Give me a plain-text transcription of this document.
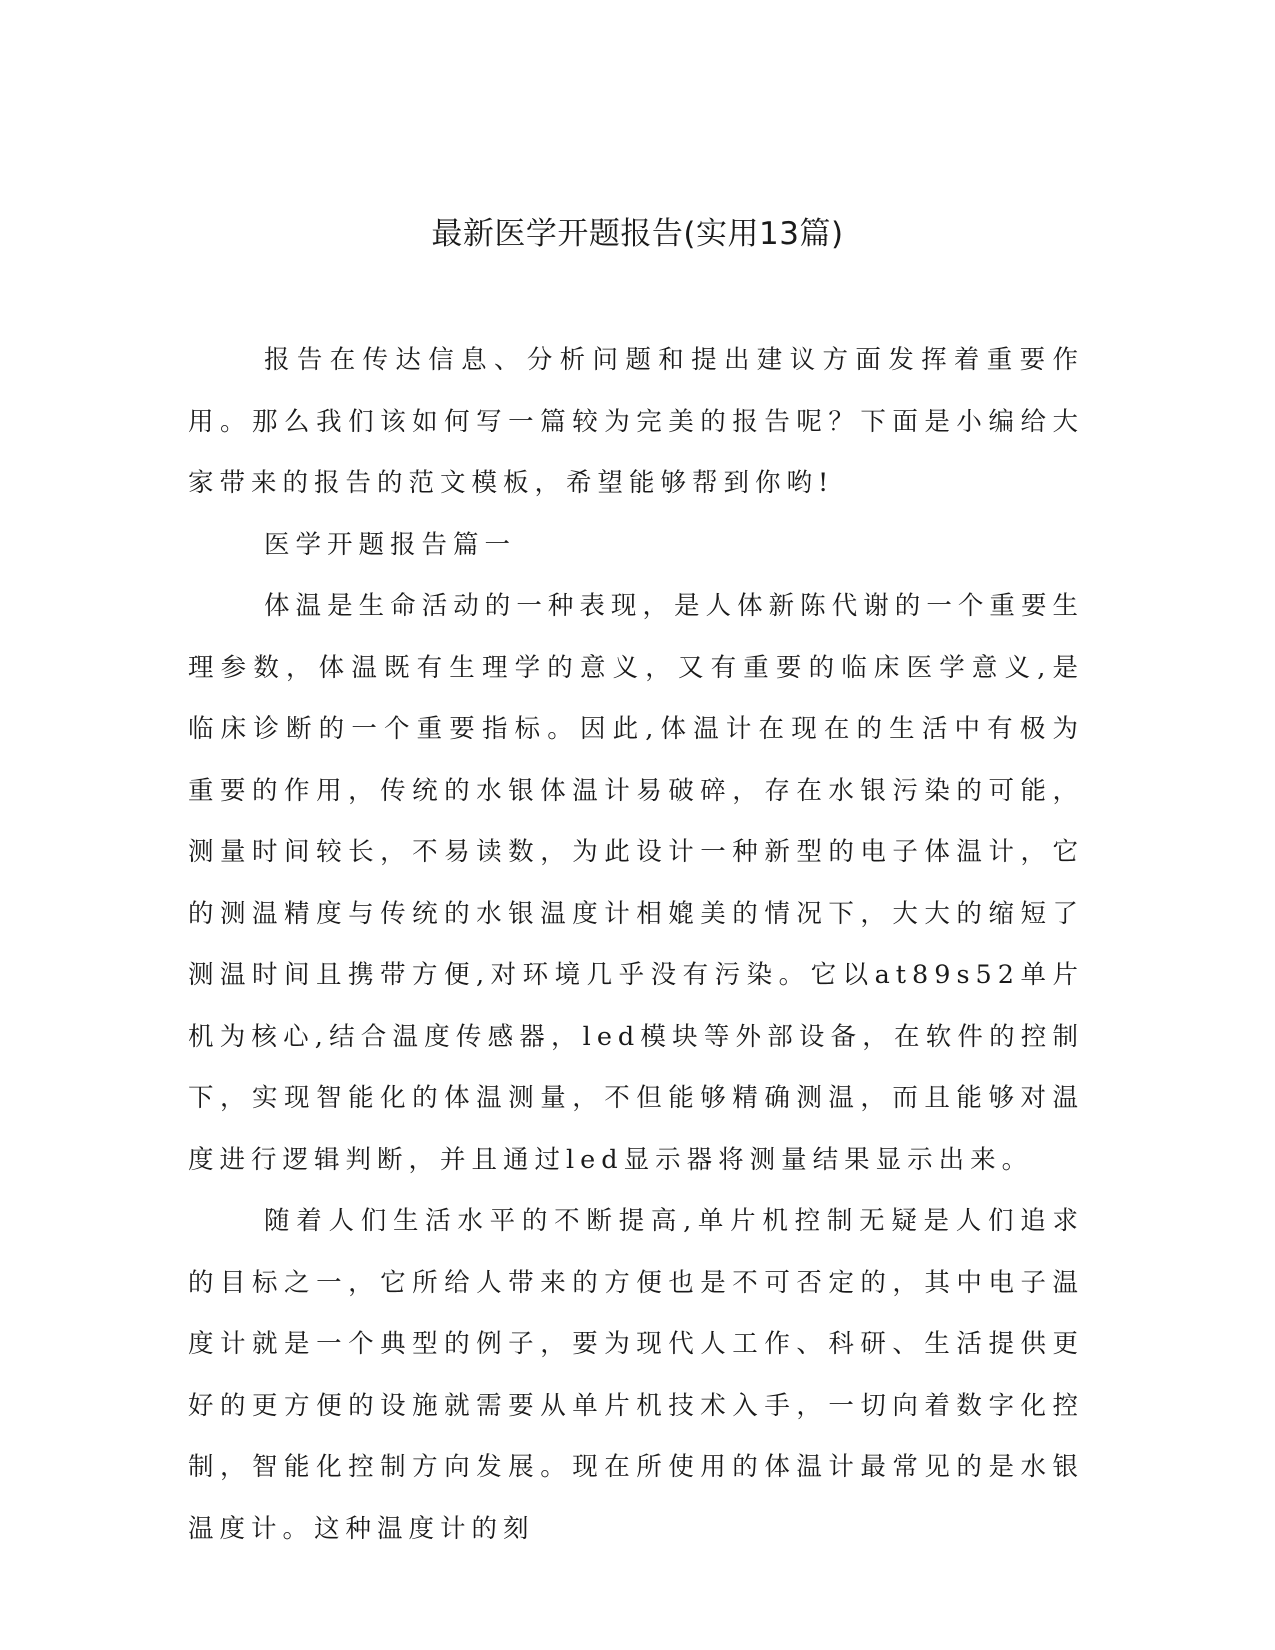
最新医学开题报告(实用13篇)

报告在传达信息、分析问题和提出建议方面发挥着重要作用。那么我们该如何写一篇较为完美的报告呢？下面是小编给大家带来的报告的范文模板，希望能够帮到你哟!

医学开题报告篇一

体温是生命活动的一种表现，是人体新陈代谢的一个重要生理参数，体温既有生理学的意义，又有重要的临床医学意义,是临床诊断的一个重要指标。因此,体温计在现在的生活中有极为重要的作用，传统的水银体温计易破碎，存在水银污染的可能，测量时间较长，不易读数，为此设计一种新型的电子体温计，它的测温精度与传统的水银温度计相媲美的情况下，大大的缩短了测温时间且携带方便,对环境几乎没有污染。它以at89s52单片机为核心,结合温度传感器，led模块等外部设备，在软件的控制下，实现智能化的体温测量，不但能够精确测温，而且能够对温度进行逻辑判断，并且通过led显示器将测量结果显示出来。

随着人们生活水平的不断提高,单片机控制无疑是人们追求的目标之一，它所给人带来的方便也是不可否定的，其中电子温度计就是一个典型的例子，要为现代人工作、科研、生活提供更好的更方便的设施就需要从单片机技术入手，一切向着数字化控制，智能化控制方向发展。现在所使用的体温计最常见的是水银温度计。这种温度计的刻
